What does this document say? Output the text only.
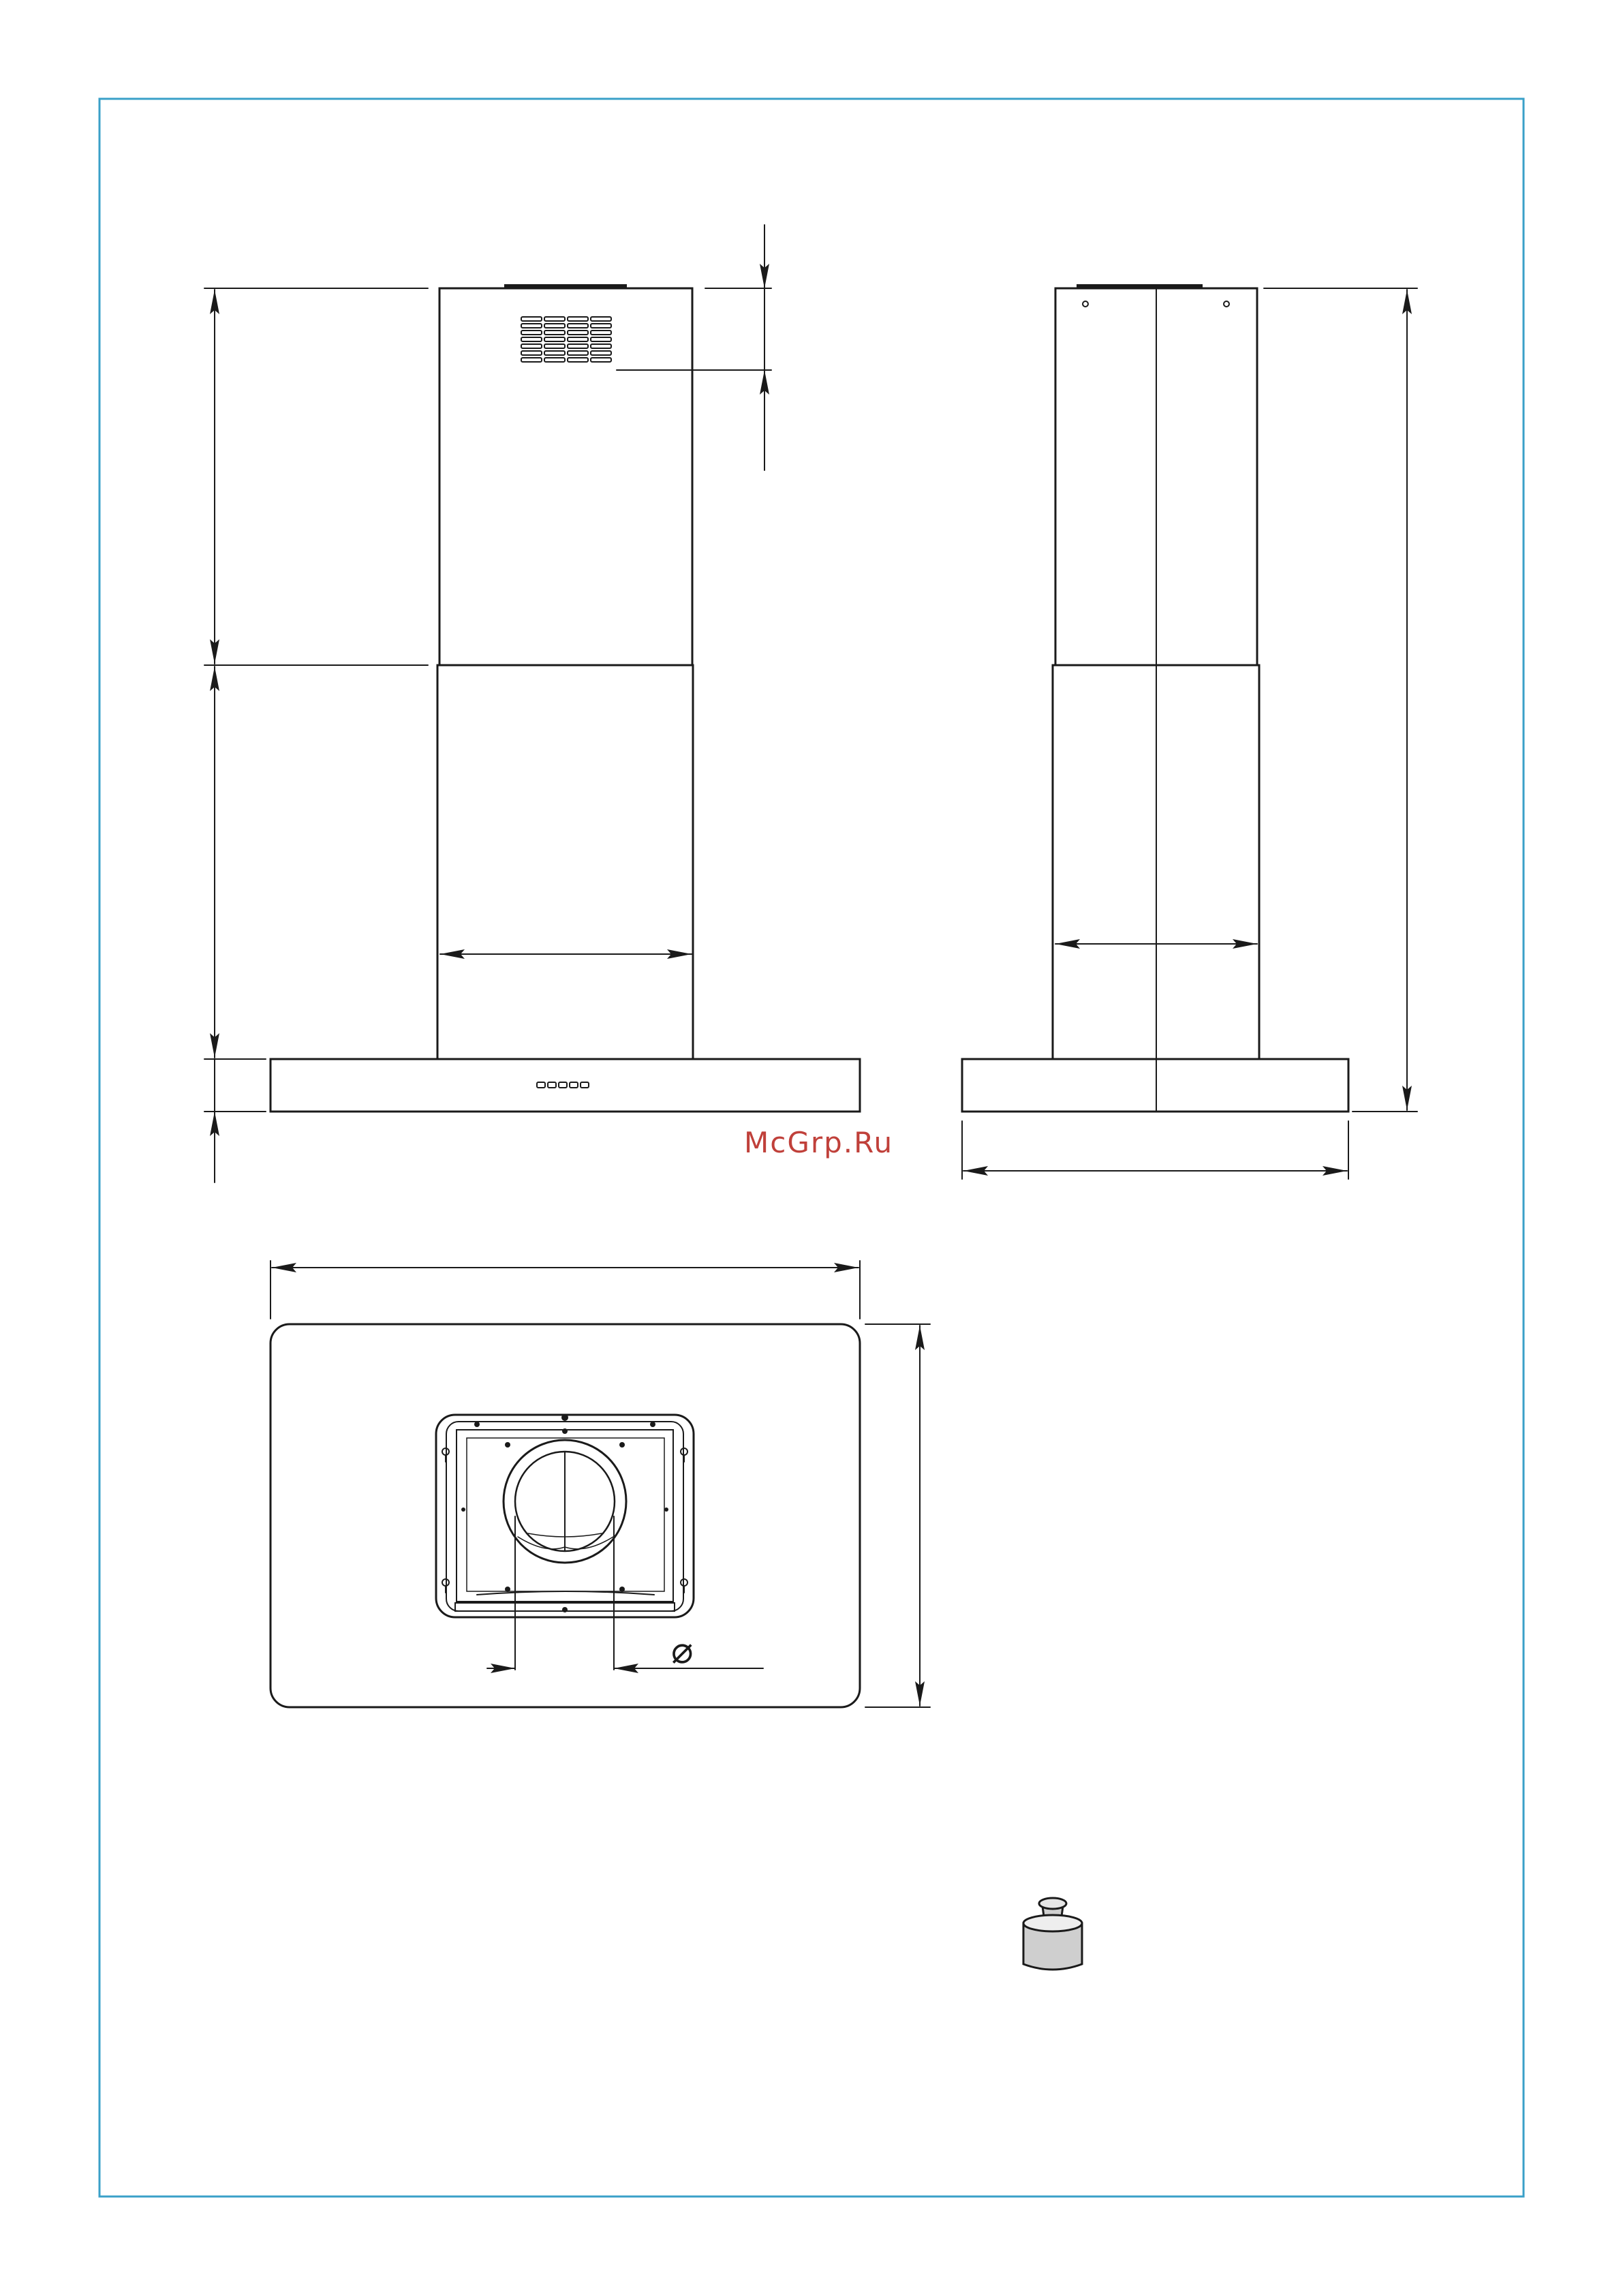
⌀
McGrp.Ru
